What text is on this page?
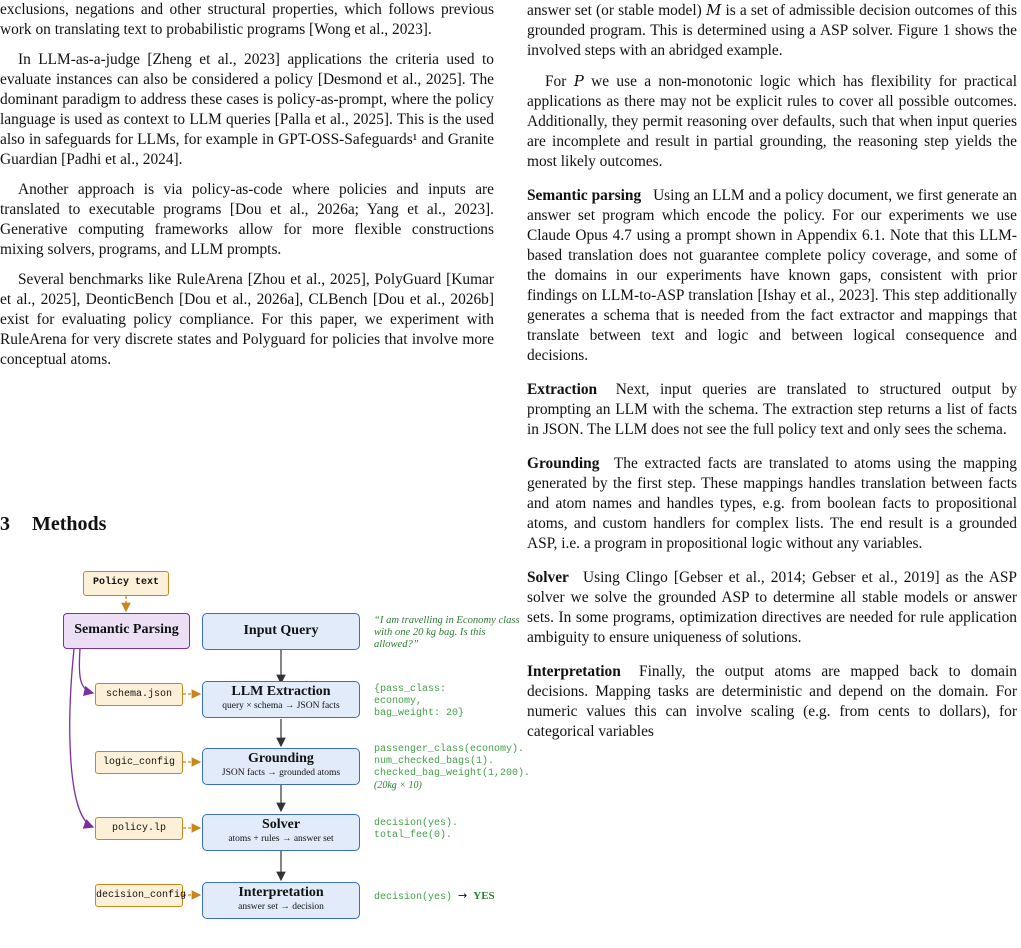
exclusions, negations and other structural properties, which follows previous work on translating text to probabilistic programs [Wong et al., 2023].

In LLM-as-a-judge [Zheng et al., 2023] applications the criteria used to evaluate instances can also be considered a policy [Desmond et al., 2025]. The dominant paradigm to address these cases is policy-as-prompt, where the policy language is used as context to LLM queries [Palla et al., 2025]. This is the used also in safeguards for LLMs, for example in GPT-OSS-Safeguards¹ and Granite Guardian [Padhi et al., 2024].

Another approach is via policy-as-code where policies and inputs are translated to executable programs [Dou et al., 2026a; Yang et al., 2023]. Generative computing frameworks allow for more flexible constructions mixing solvers, programs, and LLM prompts.

Several benchmarks like RuleArena [Zhou et al., 2025], PolyGuard [Kumar et al., 2025], DeonticBench [Dou et al., 2026a], CLBench [Dou et al., 2026b] exist for evaluating policy compliance. For this paper, we experiment with RuleArena for very discrete states and Polyguard for policies that involve more conceptual atoms.

3 Methods
Policy text
Semantic Parsing	Input Query
LLM Extraction
query × schema → JSON facts
Grounding
JSON facts → grounded atoms
Solver
atoms + rules → answer set
Interpretation
answer set → decision
schema.json
logic_config
policy.lp
decision_config
“I am travelling in Economy class with one 20 kg bag. Is this allowed?”
{pass_class:
economy,
bag_weight: 20}
passenger_class(economy).
num_checked_bags(1).
checked_bag_weight(1,200).
(20kg × 10)
decision(yes).
total_fee(0).
decision(yes) → YES

answer set (or stable model) M is a set of admissible decision outcomes of this grounded program. This is determined using a ASP solver. Figure 1 shows the involved steps with an abridged example.

For P we use a non-monotonic logic which has flexibility for practical applications as there may not be explicit rules to cover all possible outcomes. Additionally, they permit reasoning over defaults, such that when input queries are incomplete and result in partial grounding, the reasoning step yields the most likely outcomes.

Semantic parsing Using an LLM and a policy document, we first generate an answer set program which encode the policy. For our experiments we use Claude Opus 4.7 using a prompt shown in Appendix 6.1. Note that this LLM-based translation does not guarantee complete policy coverage, and some of the domains in our experiments have known gaps, consistent with prior findings on LLM-to-ASP translation [Ishay et al., 2023]. This step additionally generates a schema that is needed from the fact extractor and mappings that translate between text and logic and between logical consequence and decisions.

Extraction Next, input queries are translated to structured output by prompting an LLM with the schema. The extraction step returns a list of facts in JSON. The LLM does not see the full policy text and only sees the schema.

Grounding The extracted facts are translated to atoms using the mapping generated by the first step. These mappings handles translation between facts and atom names and handles types, e.g. from boolean facts to propositional atoms, and custom handlers for complex lists. The end result is a grounded ASP, i.e. a program in propositional logic without any variables.

Solver Using Clingo [Gebser et al., 2014; Gebser et al., 2019] as the ASP solver we solve the grounded ASP to determine all stable models or answer sets. In some programs, optimization directives are needed for rule application ambiguity to ensure uniqueness of solutions.

Interpretation Finally, the output atoms are mapped back to domain decisions. Mapping tasks are deterministic and depend on the domain. For numeric values this can involve scaling (e.g. from cents to dollars), for categorical variables
